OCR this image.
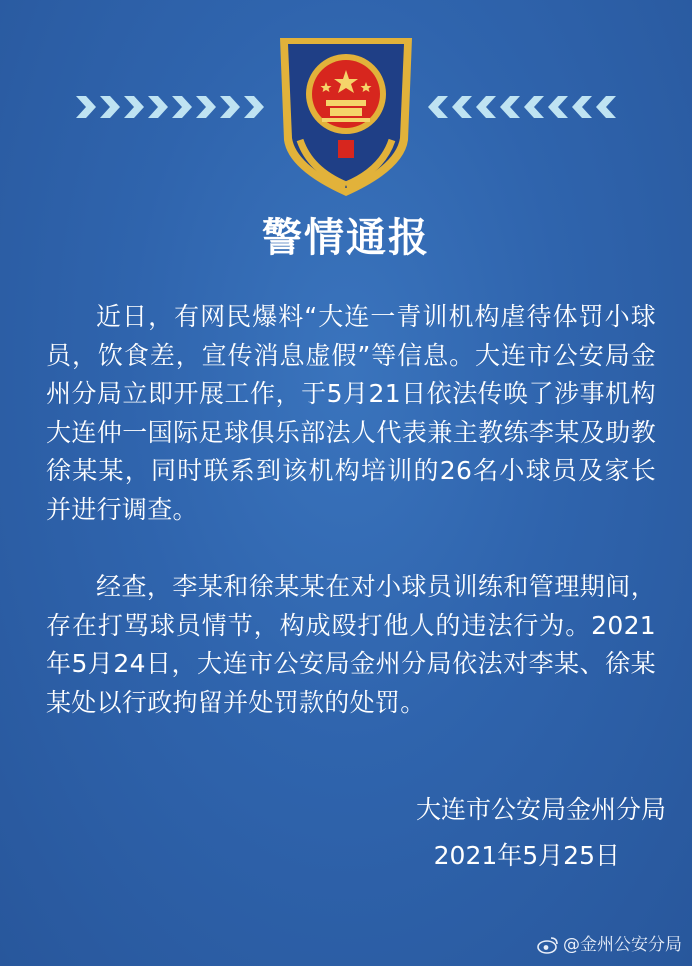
警情通报

近日，有网民爆料“大连一青训机构虐待体罚小球员，饮食差，宣传消息虚假”等信息。大连市公安局金州分局立即开展工作，于5月21日依法传唤了涉事机构大连仲一国际足球俱乐部法人代表兼主教练李某及助教徐某某，同时联系到该机构培训的26名小球员及家长并进行调查。

经查，李某和徐某某在对小球员训练和管理期间，存在打骂球员情节，构成殴打他人的违法行为。2021年5月24日，大连市公安局金州分局依法对李某、徐某某处以行政拘留并处罚款的处罚。

大连市公安局金州分局
2021年5月25日
@金州公安分局
